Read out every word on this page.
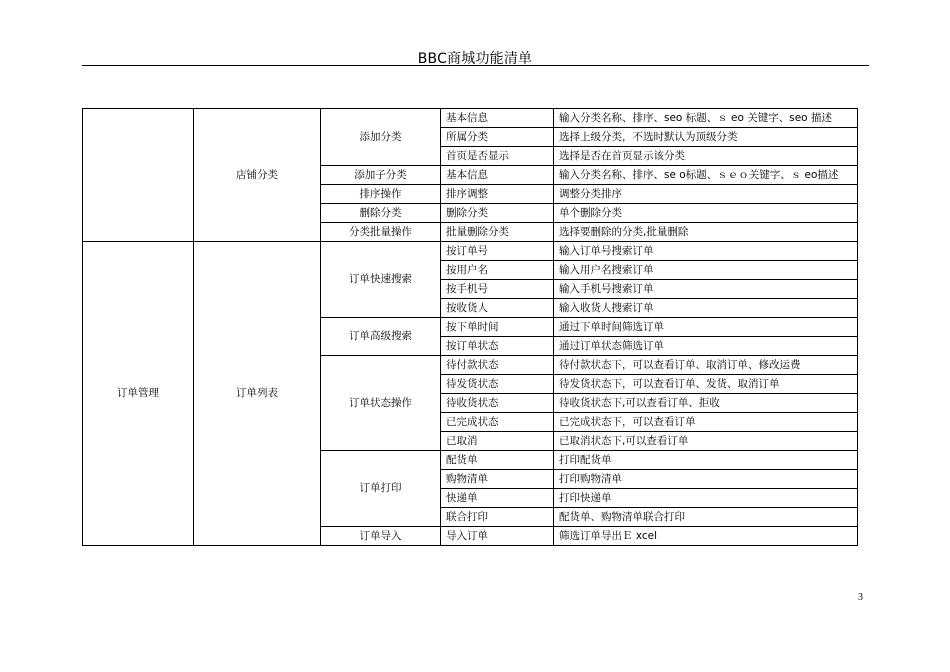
BBC商城功能清单
	店铺分类	添加分类	基本信息	输入分类名称、排序、seo 标题、ｓ eo 关键字、seo 描述
			所属分类	选择上级分类，不选时默认为顶级分类
			首页是否显示	选择是否在首页显示该分类
		添加子分类	基本信息	输入分类名称、排序、se o标题、ｓｅｏ关键字、ｓ eo描述
		排序操作	排序调整	调整分类排序
		删除分类	删除分类	单个删除分类
		分类批量操作	批量删除分类	选择要删除的分类,批量删除
订单管理	订单列表	订单快速搜索	按订单号	输入订单号搜索订单
			按用户名	输入用户名搜索订单
			按手机号	输入手机号搜索订单
			按收货人	输入收货人搜索订单
		订单高级搜索	按下单时间	通过下单时间筛选订单
			按订单状态	通过订单状态筛选订单
		订单状态操作	待付款状态	待付款状态下，可以查看订单、取消订单、修改运费
			待发货状态	待发货状态下，可以查看订单、发货、取消订单
			待收货状态	待收货状态下,可以查看订单、拒收
			已完成状态	已完成状态下，可以查看订单
			已取消	已取消状态下,可以查看订单
		订单打印	配货单	打印配货单
			购物清单	打印购物清单
			快递单	打印快递单
			联合打印	配货单、购物清单联合打印
		订单导入	导入订单	筛选订单导出Ｅ xcel
3
